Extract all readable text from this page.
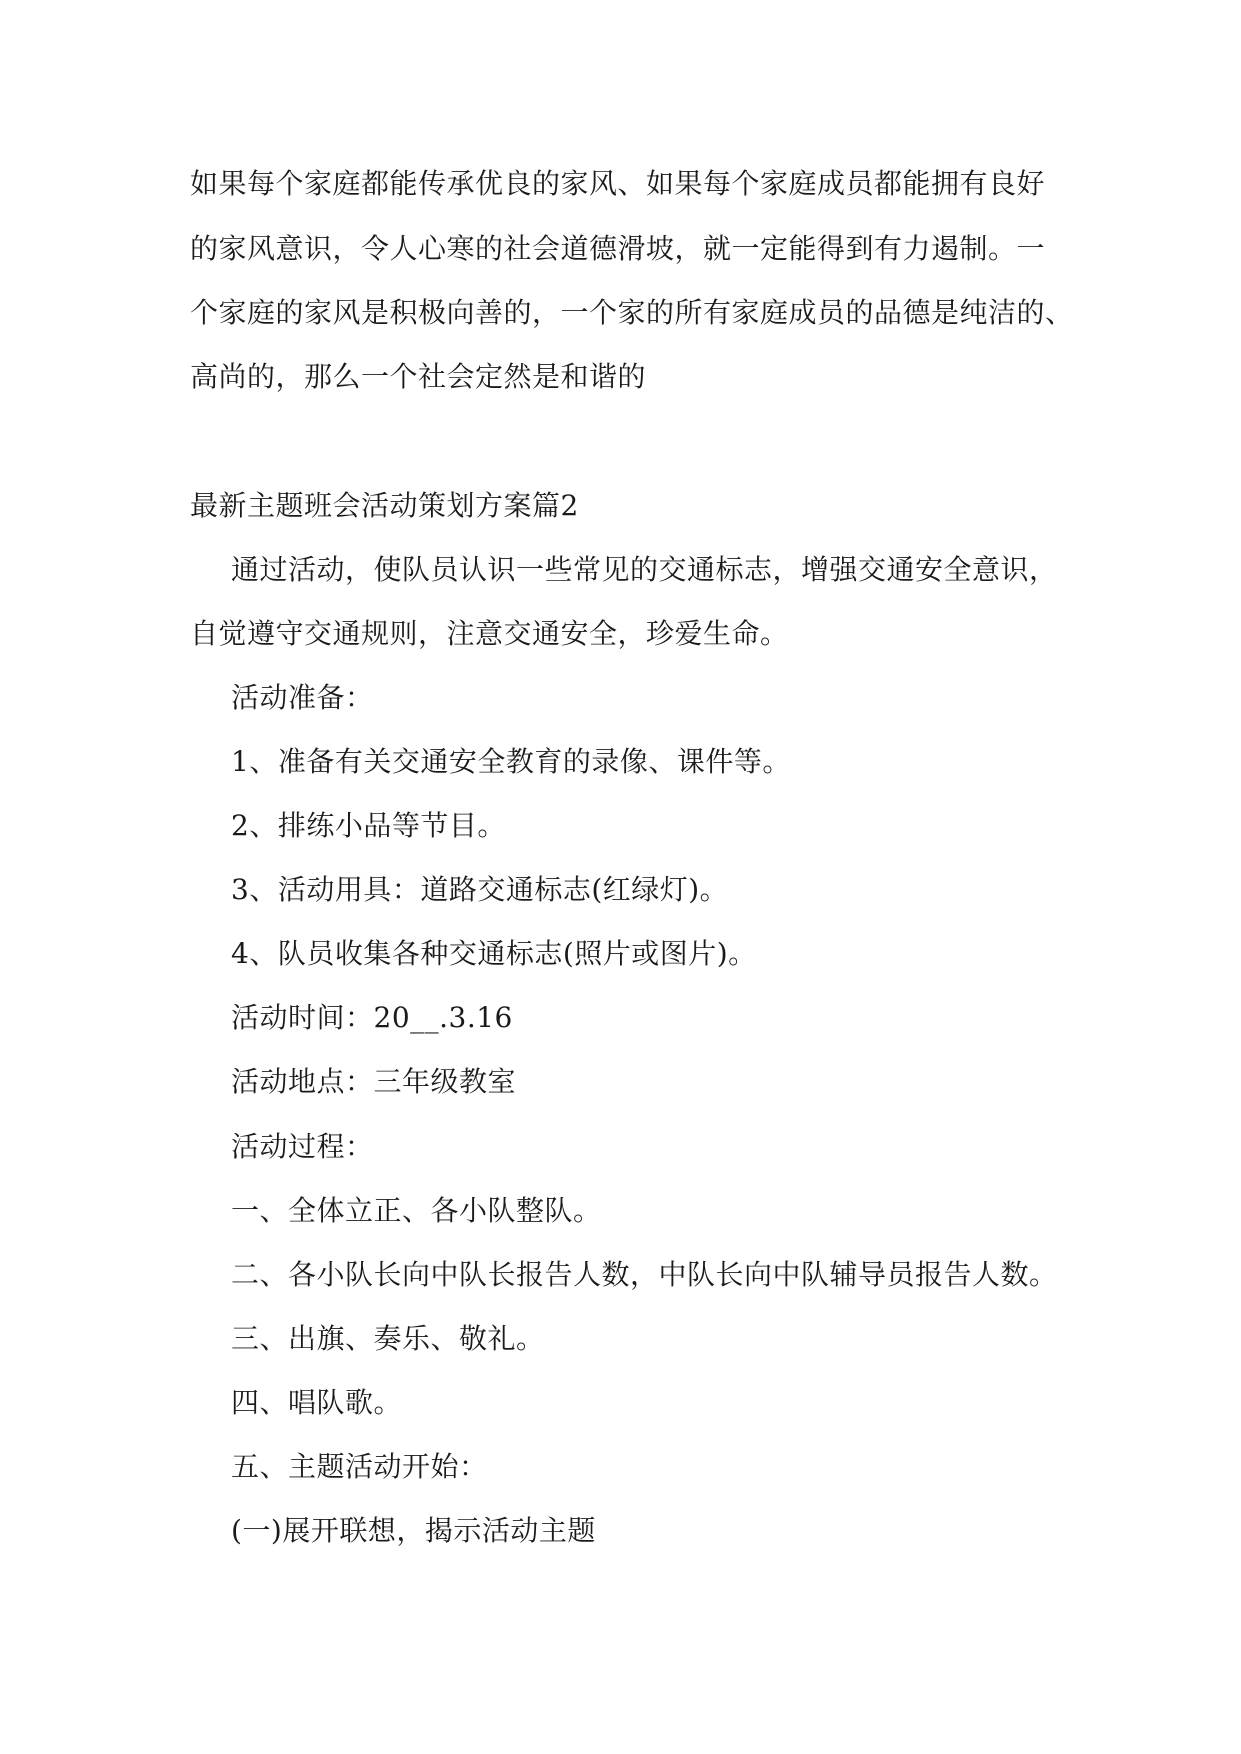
如果每个家庭都能传承优良的家风、如果每个家庭成员都能拥有良好
的家风意识，令人心寒的社会道德滑坡，就一定能得到有力遏制。一
个家庭的家风是积极向善的，一个家的所有家庭成员的品德是纯洁的、
高尚的，那么一个社会定然是和谐的
最新主题班会活动策划方案篇2
通过活动，使队员认识一些常见的交通标志，增强交通安全意识，
自觉遵守交通规则，注意交通安全，珍爱生命。
活动准备：
1、准备有关交通安全教育的录像、课件等。
2、排练小品等节目。
3、活动用具：道路交通标志(红绿灯)。
4、队员收集各种交通标志(照片或图片)。
活动时间：20__.3.16
活动地点：三年级教室
活动过程：
一、全体立正、各小队整队。
二、各小队长向中队长报告人数，中队长向中队辅导员报告人数。
三、出旗、奏乐、敬礼。
四、唱队歌。
五、主题活动开始：
(一)展开联想，揭示活动主题
